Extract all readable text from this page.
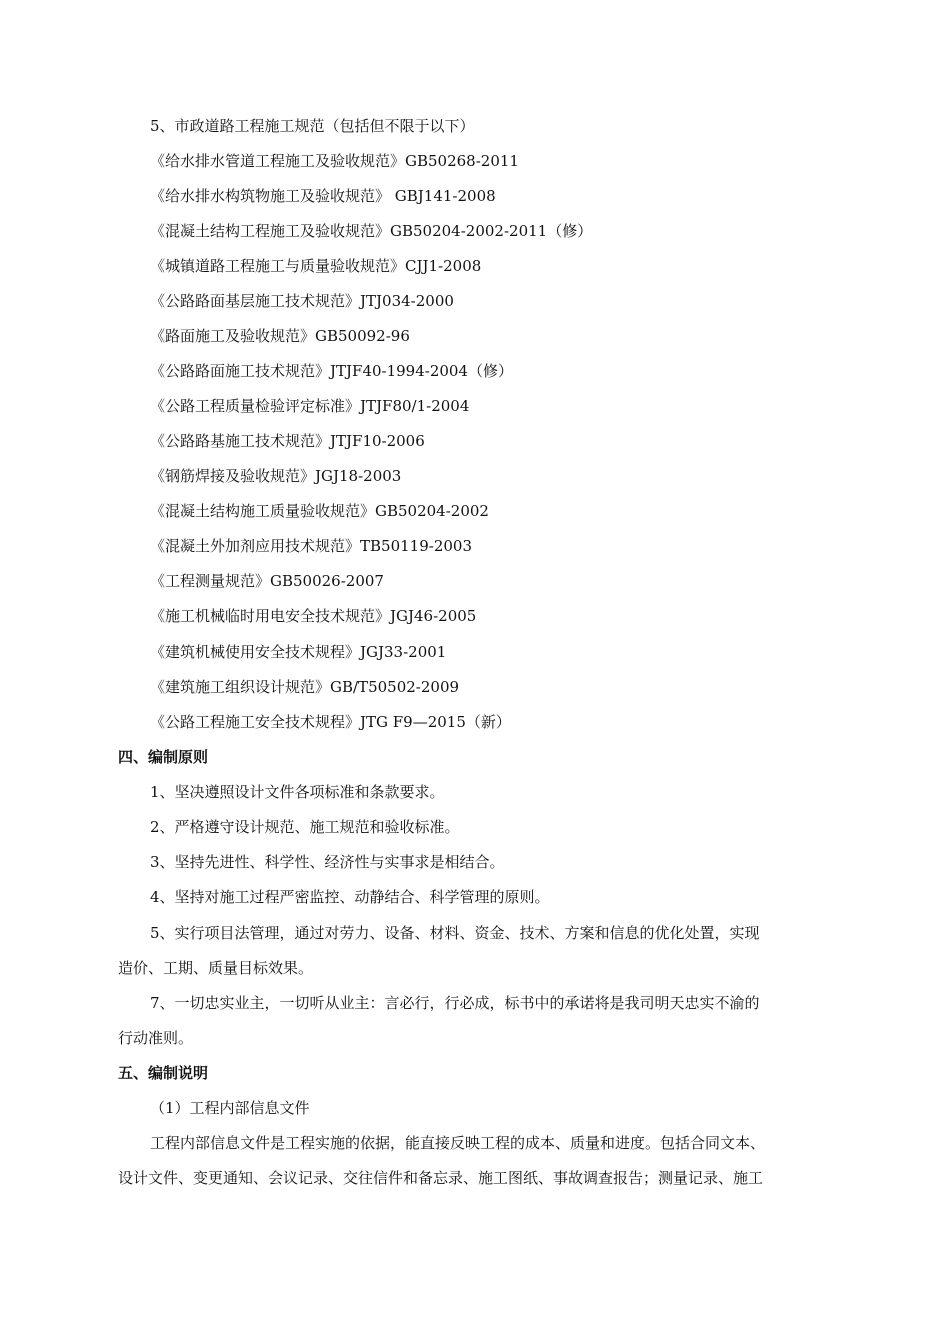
5、市政道路工程施工规范（包括但不限于以下）
《给水排水管道工程施工及验收规范》GB50268-2011
《给水排水构筑物施工及验收规范》 GBJ141-2008
《混凝土结构工程施工及验收规范》GB50204-2002-2011（修）
《城镇道路工程施工与质量验收规范》CJJ1-2008
《公路路面基层施工技术规范》JTJ034-2000
《路面施工及验收规范》GB50092-96
《公路路面施工技术规范》JTJF40-1994-2004（修）
《公路工程质量检验评定标准》JTJF80/1-2004
《公路路基施工技术规范》JTJF10-2006
《钢筋焊接及验收规范》JGJ18-2003
《混凝土结构施工质量验收规范》GB50204-2002
《混凝土外加剂应用技术规范》TB50119-2003
《工程测量规范》GB50026-2007
《施工机械临时用电安全技术规范》JGJ46-2005
《建筑机械使用安全技术规程》JGJ33-2001
《建筑施工组织设计规范》GB/T50502-2009
《公路工程施工安全技术规程》JTG F9—2015（新）
四、编制原则
1、坚决遵照设计文件各项标准和条款要求。
2、严格遵守设计规范、施工规范和验收标准。
3、坚持先进性、科学性、经济性与实事求是相结合。
4、坚持对施工过程严密监控、动静结合、科学管理的原则。
5、实行项目法管理，通过对劳力、设备、材料、资金、技术、方案和信息的优化处置，实现
造价、工期、质量目标效果。
7、一切忠实业主，一切听从业主：言必行，行必成，标书中的承诺将是我司明天忠实不渝的
行动准则。
五、编制说明
（1）工程内部信息文件
工程内部信息文件是工程实施的依据，能直接反映工程的成本、质量和进度。包括合同文本、
设计文件、变更通知、会议记录、交往信件和备忘录、施工图纸、事故调查报告；测量记录、施工
